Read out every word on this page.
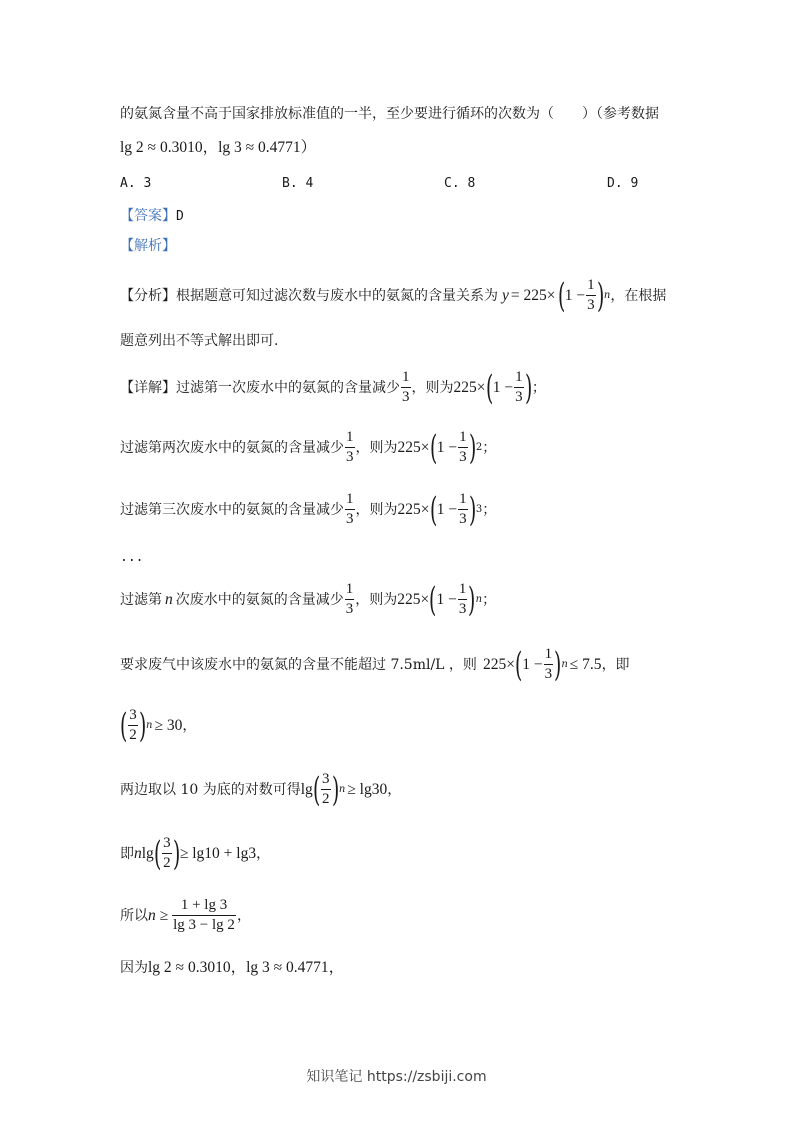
的氨氮含量不高于国家排放标准值的一半，至少要进行循环的次数为（　　）（参考数据
lg 2 ≈ 0.3010，lg 3 ≈ 0.4771）
A. 3	B. 4	C. 8	D. 9
【答案】D
【解析】
【分析】 根据题意可知过滤次数与废水中的氨氮的含量关系为 y = 225× ( $1 - \frac{1}{3}$ ) n ，在根据
题意列出不等式解出即可.
【详解】 过滤第一次废水中的氨氮的含量减少 $\frac{1}{3}$ ，则为 225× ( $1 - \frac{1}{3}$ ) ；
过滤第两次废水中的氨氮的含量减少 $\frac{1}{3}$ ，则为 225× ( $1 - \frac{1}{3}$ ) 2 ；
过滤第三次废水中的氨氮的含量减少 $\frac{1}{3}$ ，则为 225× ( $1 - \frac{1}{3}$ ) 3 ；
...
过滤第 n 次废水中的氨氮的含量减少 $\frac{1}{3}$ ，则为 225× ( $1 - \frac{1}{3}$ ) n ；
要求废气中该废水中的氨氮的含量不能超过 7.5ml/L ，则 225× ( $1 - \frac{1}{3}$ ) n ≤ 7.5 ，即
( $\frac{3}{2}$ ) n ≥ 30 ，
两边取以 10 为底的对数可得 lg ( $\frac{3}{2}$ ) n ≥ lg30 ，
即 n lg ( $\frac{3}{2}$ ) ≥ lg10 + lg3 ，
所以 $n \ge \frac{1 + \lg 3}{\lg 3 - \lg 2}$ ，
因为lg 2 ≈ 0.3010，lg 3 ≈ 0.4771，
知识笔记 https://zsbiji.com
